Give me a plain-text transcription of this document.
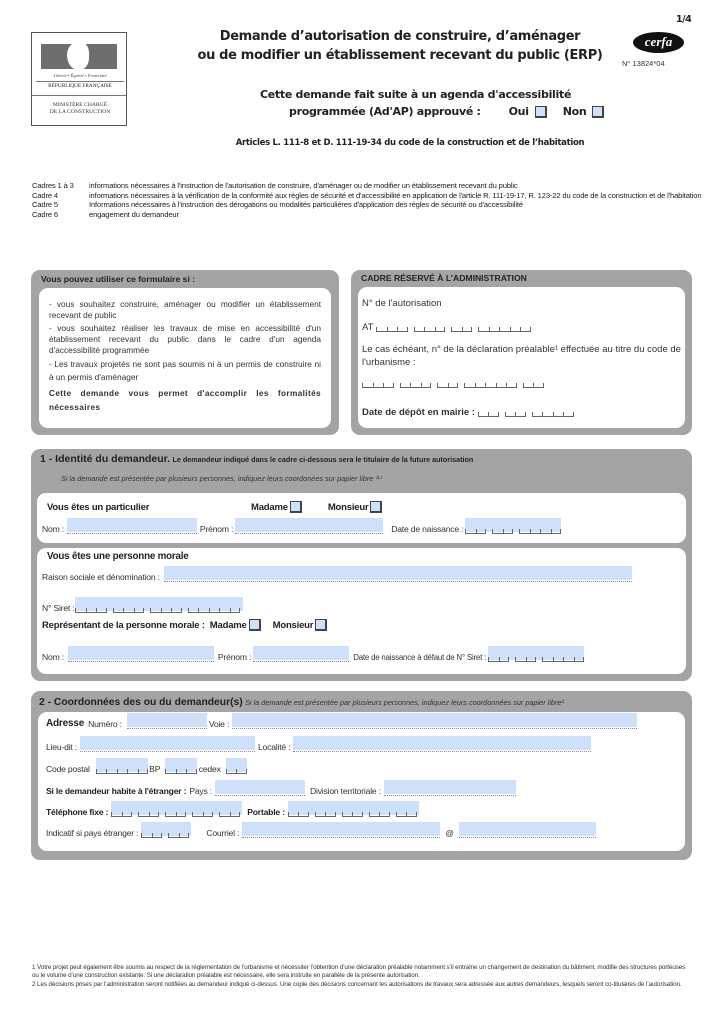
Liberté • Égalité • Fraternité
RÉPUBLIQUE FRANÇAISE
MINISTÈRE CHARGÉ
DE LA CONSTRUCTION
Demande d’autorisation de construire, d’aménager
ou de modifier un établissement recevant du public (ERP)
Cette demande fait suite à un agenda d'accessibilité
programmée (Ad'AP) approuvé :	Oui	Non
Articles L. 111-8 et D. 111-19-34 du code de la construction et de l’habitation
1/4
cerfa
N° 13824*04
Cadres 1 à 3	informations nécessaires à l'instruction de l'autorisation de construire, d'aménager ou de modifier un établissement recevant du public
Cadre 4	informations nécessaires à la vérification de la conformité aux règles de sécurité et d'accessibilité en application de l'article R. 111-19-17, R. 123-22 du code de la construction et de l'habitation
Cadre 5	Informations nécessaires à l'instruction des dérogations ou modalités particulières d'application des règles de sécurité ou d'accessibilité
Cadre 6	engagement du demandeur
Vous pouvez utiliser ce formulaire si :

- vous souhaitez construire, aménager ou modifier un établissement recevant de public

- vous souhaitez réaliser les travaux de mise en accessibilité d'un établissement recevant du public dans le cadre d'un agenda d'accessibilité programmée

- Les travaux projetés ne sont pas soumis ni à un permis de construire ni à un permis d'aménager

Cette demande vous permet d'accomplir les formalités nécessaires

CADRE RÉSERVÉ À L’ADMINISTRATION
N° de l'autorisation
AT
Le cas échéant, n° de la déclaration préalable¹ effectuée au titre du code de l'urbanisme :
Date de dépôt en mairie :
1 - Identité du demandeur. Le demandeur indiqué dans le cadre ci-dessous sera le titulaire de la future autorisation
Si la demande est présentée par plusieurs personnes, indiquez leurs coordonées sur papier libre ⁽¹⁾
Vous êtes un particulier	Madame	Monsieur
Nom :	Prénom :	Date de naissance :
Vous êtes une personne morale
Raison sociale et dénomination :
N° Siret :
Représentant de la personne morale : Madame	Monsieur
Nom :	Prénom :	Date de naissance à défaut de N° Siret :
2 - Coordonnées des ou du demandeur(s) Si la demande est présentée par plusieurs personnes, indiquez leurs coordonnées sur papier libre²
Adresse Numéro :	Voie :
Lieu-dit :	Localité :
Code postal	BP	cedex
Si le demandeur habite à l'étranger : Pays :	Division territoriale :
Téléphone fixe :	Portable :
Indicatif si pays étranger :	Courriel :	@
1 Votre projet peut également être soumis au respect de la réglementation de l’urbanisme et nécessiter l’obtention d’une déclaration préalable notamment s’il entraîne un changement de destination du bâtiment, modifie des structures porteuses ou le volume d’une construction existante. Si une déclaration préalable est nécessaire, elle sera instruite en parallèle de la présente autorisation.
2 Les décisions prises par l’administration seront notifiées au demandeur indiqué ci-dessus. Une copie des décisions concernant les autorisations de travaux sera adressée aux autres demandeurs, lesquels seront co-titulaires de l’autorisation.
